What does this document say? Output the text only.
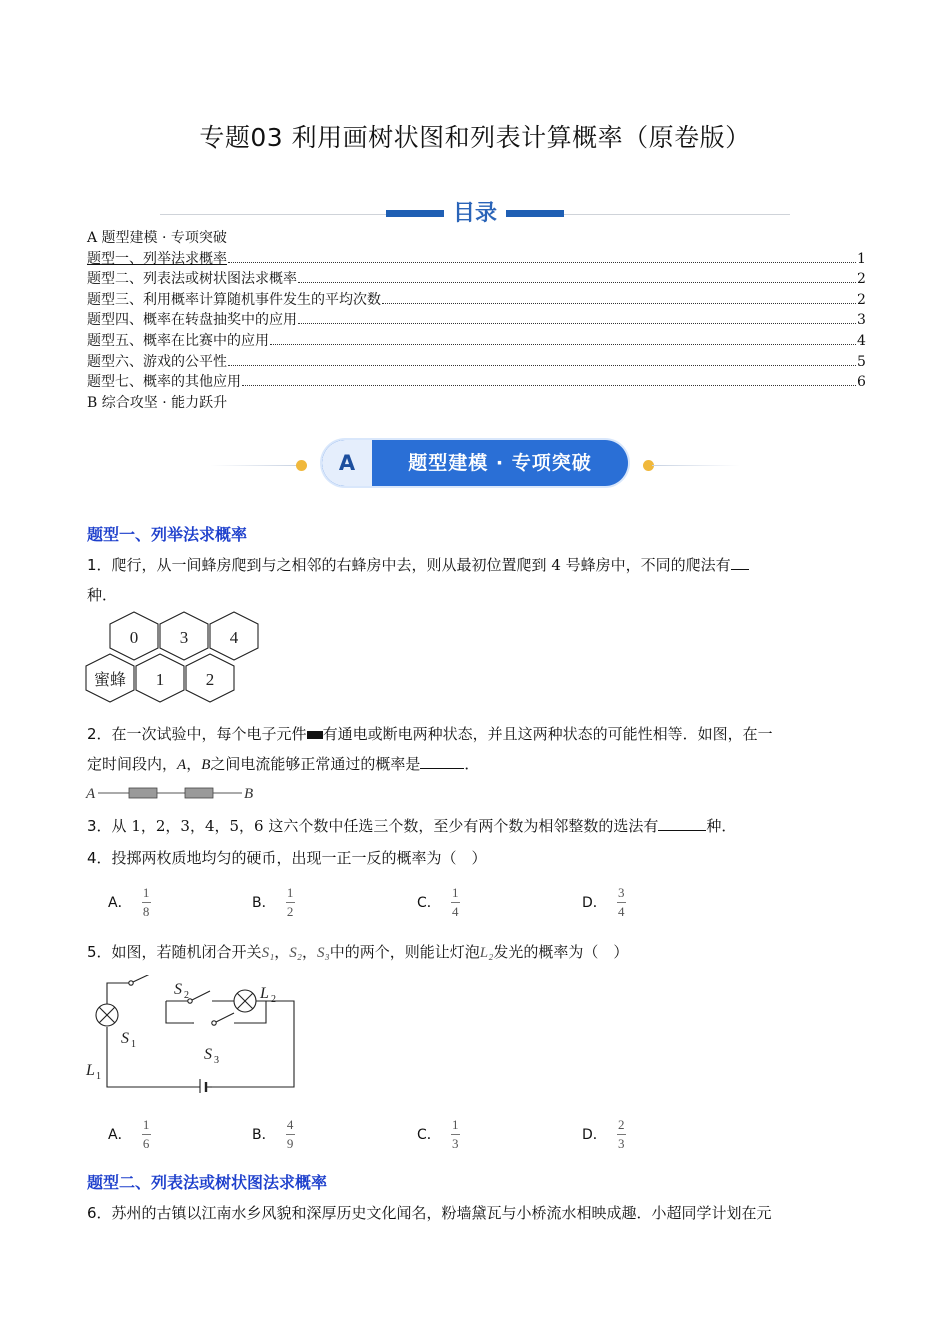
专题03 利用画树状图和列表计算概率（原卷版）
目录
A 题型建模 · 专项突破
题型一、列举法求概率	1
题型二、列表法或树状图法求概率	2
题型三、利用概率计算随机事件发生的平均次数	2
题型四、概率在转盘抽奖中的应用	3
题型五、概率在比赛中的应用	4
题型六、游戏的公平性	5
题型七、概率的其他应用	6
B 综合攻坚 · 能力跃升
A	题型建模 · 专项突破
题型一、列举法求概率
1．爬行，从一间蜂房爬到与之相邻的右蜂房中去，则从最初位置爬到 4 号蜂房中，不同的爬法有
种．
0 3 4
蜜蜂 1 2
2．在一次试验中，每个电子元件 有通电或断电两种状态，并且这两种状态的可能性相等．如图，在一
定时间段内，A，B之间电流能够正常通过的概率是	．
A	B
3．从 1，2，3，4，5，6 这六个数中任选三个数，至少有两个数为相邻整数的选法有	种．
4．投掷两枚质地均匀的硬币，出现一正一反的概率为（　）
A． $\frac{1}{8}$	B． $\frac{1}{2}$	C． $\frac{1}{4}$	D． $\frac{3}{4}$
5．如图，若随机闭合开关S₁，S₂，S₃中的两个，则能让灯泡L₂发光的概率为（　）
S 1
S 2
S 3
L 1
L 2
A． $\frac{1}{6}$	B． $\frac{4}{9}$	C． $\frac{1}{3}$	D． $\frac{2}{3}$
题型二、列表法或树状图法求概率
6．苏州的古镇以江南水乡风貌和深厚历史文化闻名，粉墙黛瓦与小桥流水相映成趣．小超同学计划在元
